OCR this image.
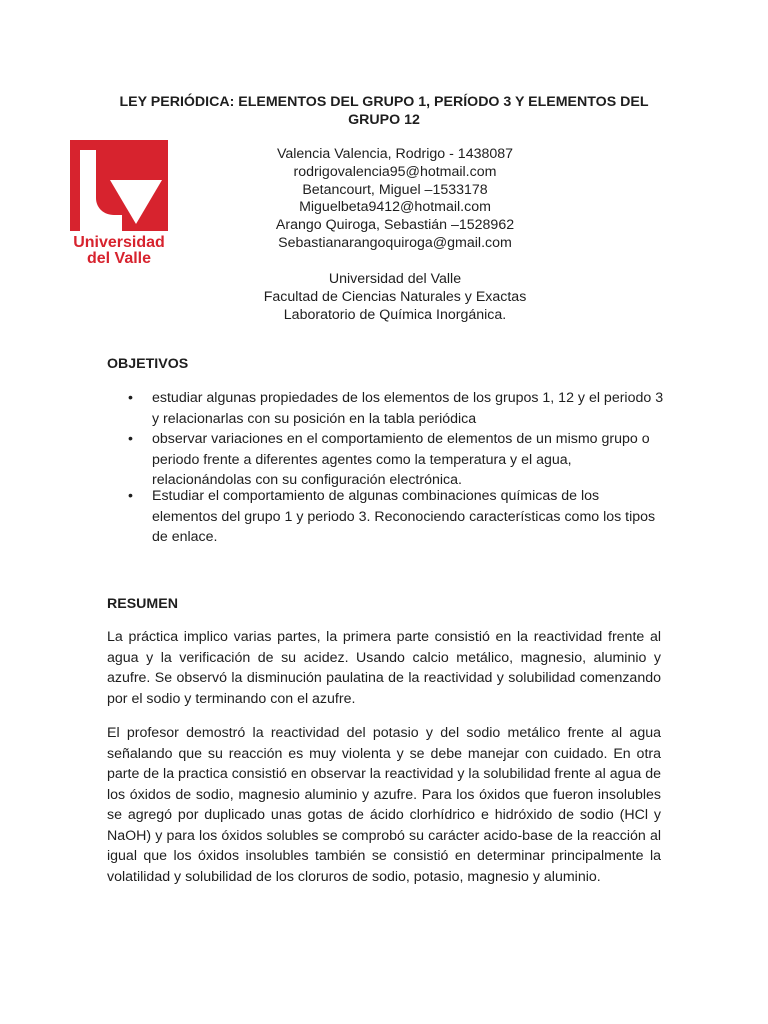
LEY PERIÓDICA: ELEMENTOS DEL GRUPO 1, PERÍODO 3 Y ELEMENTOS DEL GRUPO 12
Universidad
del Valle
Valencia Valencia, Rodrigo - 1438087
rodrigovalencia95@hotmail.com
Betancourt, Miguel –1533178
Miguelbeta9412@hotmail.com
Arango Quiroga, Sebastián –1528962
Sebastianarangoquiroga@gmail.com
Universidad del Valle
Facultad de Ciencias Naturales y Exactas
Laboratorio de Química Inorgánica.
OBJETIVOS
• estudiar algunas propiedades de los elementos de los grupos 1, 12 y el periodo 3 y relacionarlas con su posición en la tabla periódica
• observar variaciones en el comportamiento de elementos de un mismo grupo o periodo frente a diferentes agentes como la temperatura y el agua, relacionándolas con su configuración electrónica.
• Estudiar el comportamiento de algunas combinaciones químicas de los elementos del grupo 1 y periodo 3. Reconociendo características como los tipos de enlace.
RESUMEN

La práctica implico varias partes, la primera parte consistió en la reactividad frente al agua y la verificación de su acidez. Usando calcio metálico, magnesio, aluminio y azufre. Se observó la disminución paulatina de la reactividad y solubilidad comenzando por el sodio y terminando con el azufre.

El profesor demostró la reactividad del potasio y del sodio metálico frente al agua señalando que su reacción es muy violenta y se debe manejar con cuidado. En otra parte de la practica consistió en observar la reactividad y la solubilidad frente al agua de los óxidos de sodio, magnesio aluminio y azufre. Para los óxidos que fueron insolubles se agregó por duplicado unas gotas de ácido clorhídrico e hidróxido de sodio (HCl y NaOH) y para los óxidos solubles se comprobó su carácter acido-base de la reacción al igual que los óxidos insolubles también se consistió en determinar principalmente la volatilidad y solubilidad de los cloruros de sodio, potasio, magnesio y aluminio.
